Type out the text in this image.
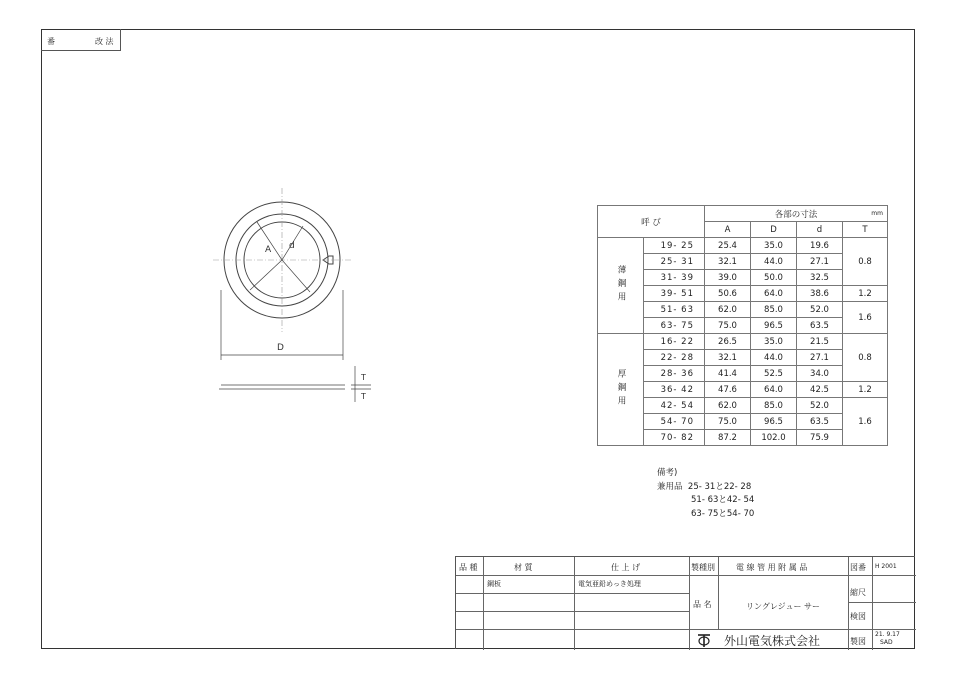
番	改 法
A d
D
T
T
呼 び		各部の寸法 mm			

		A	D	d	T
薄鋼用	19- 25	25.4	35.0	19.6	0.8
	25- 31	32.1	44.0	27.1	
	31- 39	39.0	50.0	32.5	
	39- 51	50.6	64.0	38.6	1.2
	51- 63	62.0	85.0	52.0	1.6
	63- 75	75.0	96.5	63.5	
厚鋼用	16- 22	26.5	35.0	21.5	0.8
	22- 28	32.1	44.0	27.1	
	28- 36	41.4	52.5	34.0	
	36- 42	47.6	64.0	42.5	1.2
	42- 54	62.0	85.0	52.0	1.6
	54- 70	75.0	96.5	63.5	
	70- 82	87.2	102.0	75.9	
備考)
兼用品 25- 31と22- 28
51- 63と42- 54
63- 75と54- 70
品 種	材 質	仕 上 げ	製種別	電 線 管 用 附 属 品	図番 H 2001
鋼板	電気亜鉛めっき処理
品 名	リングレジュー サー
縮尺
検図
製図
外山電気株式会社	21. 9.17
SAD
